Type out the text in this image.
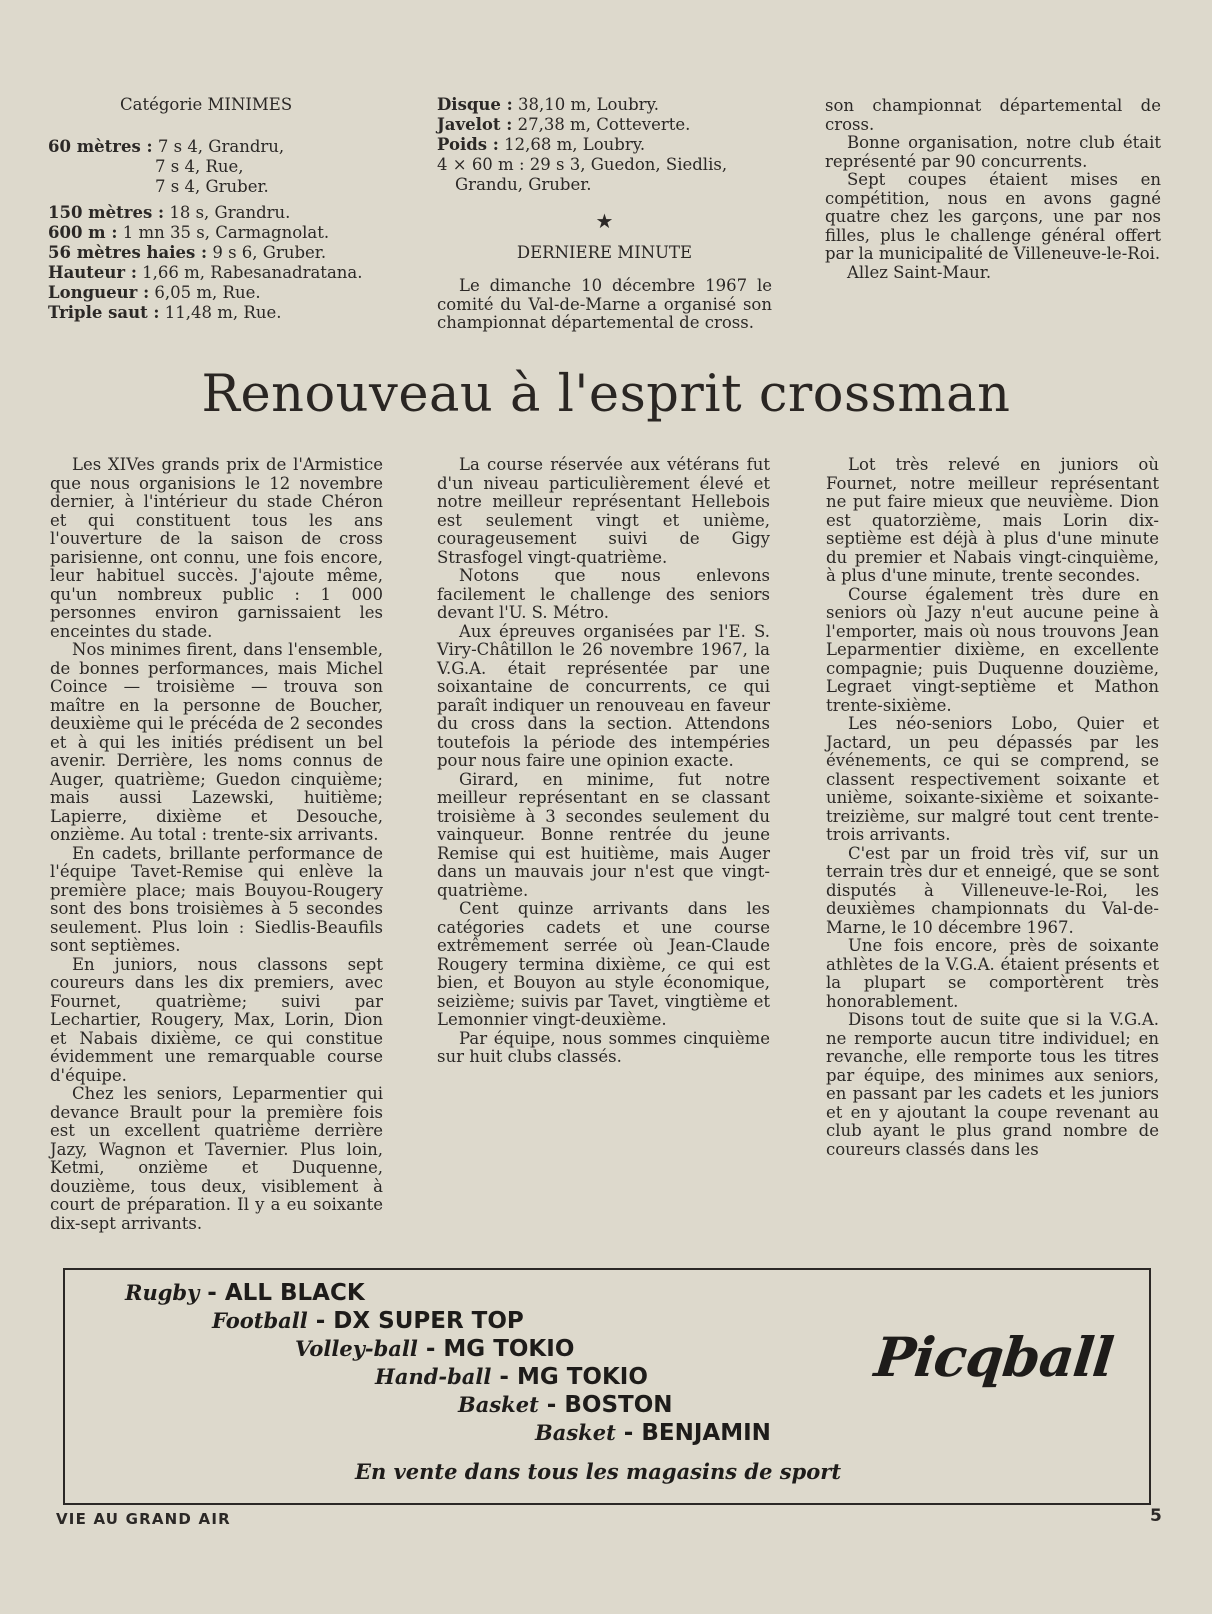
Catégorie MINIMES
60 mètres : 7 s 4, Grandru,
7 s 4, Rue,
7 s 4, Gruber.
150 mètres : 18 s, Grandru.
600 m : 1 mn 35 s, Carmagnolat.
56 mètres haies : 9 s 6, Gruber.
Hauteur : 1,66 m, Rabesanadratana.
Longueur : 6,05 m, Rue.
Triple saut : 11,48 m, Rue.
Disque : 38,10 m, Loubry.
Javelot : 27,38 m, Cotteverte.
Poids : 12,68 m, Loubry.
4 × 60 m : 29 s 3, Guedon, Siedlis,
Grandu, Gruber.
★
DERNIERE MINUTE

Le dimanche 10 décembre 1967 le comité du Val-de-Marne a organisé son championnat départemental de cross.

son championnat départemental de cross.

Bonne organisation, notre club était représenté par 90 concurrents.

Sept coupes étaient mises en compétition, nous en avons gagné quatre chez les garçons, une par nos filles, plus le challenge général offert par la municipalité de Villeneuve-le-Roi.

Allez Saint-Maur.

Renouveau à l'esprit crossman

Les XIVes grands prix de l'Armistice que nous organisions le 12 novembre dernier, à l'intérieur du stade Chéron et qui constituent tous les ans l'ouverture de la saison de cross parisienne, ont connu, une fois encore, leur habituel succès. J'ajoute même, qu'un nombreux public : 1 000 personnes environ garnissaient les enceintes du stade.

Nos minimes firent, dans l'ensemble, de bonnes performances, mais Michel Coince — troisième — trouva son maître en la personne de Boucher, deuxième qui le précéda de 2 secondes et à qui les initiés prédisent un bel avenir. Derrière, les noms connus de Auger, quatrième; Guedon cinquième; mais aussi Lazewski, huitième; Lapierre, dixième et Desouche, onzième. Au total : trente-six arrivants.

En cadets, brillante performance de l'équipe Tavet-Remise qui enlève la première place; mais Bouyou-Rougery sont des bons troisièmes à 5 secondes seulement. Plus loin : Siedlis-Beaufils sont septièmes.

En juniors, nous classons sept coureurs dans les dix premiers, avec Fournet, quatrième; suivi par Lechartier, Rougery, Max, Lorin, Dion et Nabais dixième, ce qui constitue évidemment une remarquable course d'équipe.

Chez les seniors, Leparmentier qui devance Brault pour la première fois est un excellent quatrième derrière Jazy, Wagnon et Tavernier. Plus loin, Ketmi, onzième et Duquenne, douzième, tous deux, visiblement à court de préparation. Il y a eu soixante dix-sept arrivants.

La course réservée aux vétérans fut d'un niveau particulièrement élevé et notre meilleur représentant Hellebois est seulement vingt et unième, courageusement suivi de Gigy Strasfogel vingt-quatrième.

Notons que nous enlevons facilement le challenge des seniors devant l'U. S. Métro.

Aux épreuves organisées par l'E. S. Viry-Châtillon le 26 novembre 1967, la V.G.A. était représentée par une soixantaine de concurrents, ce qui paraît indiquer un renouveau en faveur du cross dans la section. Attendons toutefois la période des intempéries pour nous faire une opinion exacte.

Girard, en minime, fut notre meilleur représentant en se classant troisième à 3 secondes seulement du vainqueur. Bonne rentrée du jeune Remise qui est huitième, mais Auger dans un mauvais jour n'est que vingt-quatrième.

Cent quinze arrivants dans les catégories cadets et une course extrêmement serrée où Jean-Claude Rougery termina dixième, ce qui est bien, et Bouyon au style économique, seizième; suivis par Tavet, vingtième et Lemonnier vingt-deuxième.

Par équipe, nous sommes cinquième sur huit clubs classés.

Lot très relevé en juniors où Fournet, notre meilleur représentant ne put faire mieux que neuvième. Dion est quatorzième, mais Lorin dix-septième est déjà à plus d'une minute du premier et Nabais vingt-cinquième, à plus d'une minute, trente secondes.

Course également très dure en seniors où Jazy n'eut aucune peine à l'emporter, mais où nous trouvons Jean Leparmentier dixième, en excellente compagnie; puis Duquenne douzième, Legraet vingt-septième et Mathon trente-sixième.

Les néo-seniors Lobo, Quier et Jactard, un peu dépassés par les événements, ce qui se comprend, se classent respectivement soixante et unième, soixante-sixième et soixante-treizième, sur malgré tout cent trente-trois arrivants.

C'est par un froid très vif, sur un terrain très dur et enneigé, que se sont disputés à Villeneuve-le-Roi, les deuxièmes championnats du Val-de-Marne, le 10 décembre 1967.

Une fois encore, près de soixante athlètes de la V.G.A. étaient présents et la plupart se comportèrent très honorablement.

Disons tout de suite que si la V.G.A. ne remporte aucun titre individuel; en revanche, elle remporte tous les titres par équipe, des minimes aux seniors, en passant par les cadets et les juniors et en y ajoutant la coupe revenant au club ayant le plus grand nombre de coureurs classés dans les

Rugby - ALL BLACK
Football - DX SUPER TOP
Volley-ball - MG TOKIO
Hand-ball - MG TOKIO
Basket - BOSTON
Basket - BENJAMIN
Picqball
En vente dans tous les magasins de sport
VIE AU GRAND AIR	5
